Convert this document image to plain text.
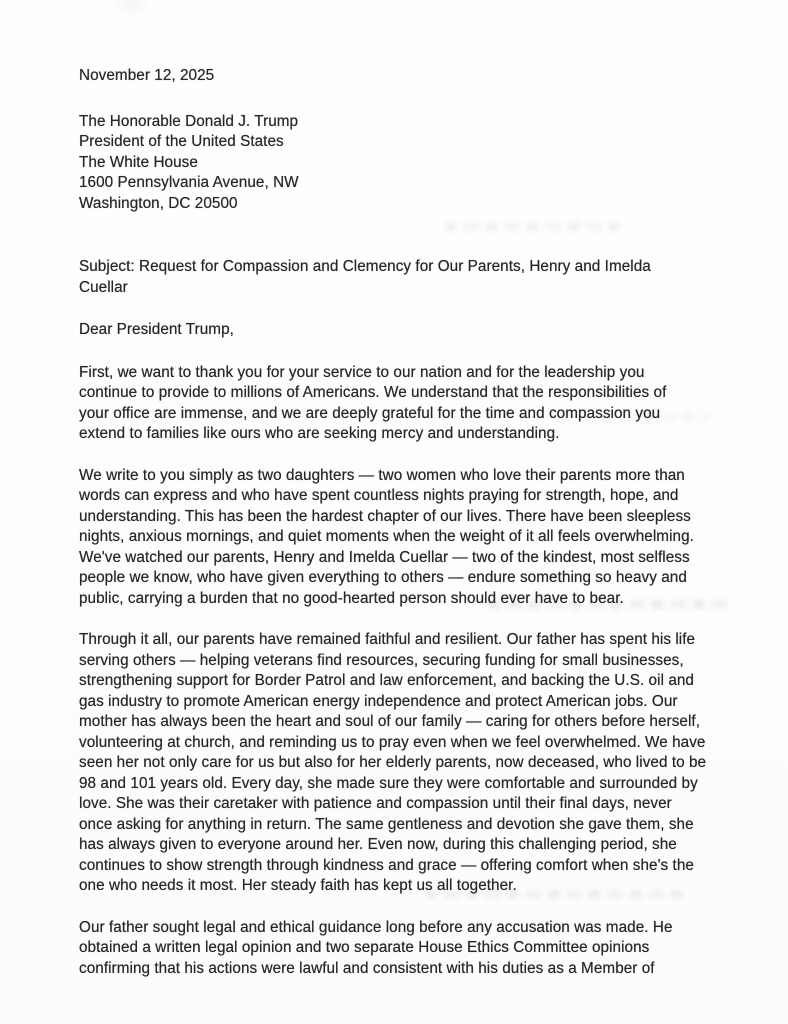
November 12, 2025
The Honorable Donald J. Trump
President of the United States
The White House
1600 Pennsylvania Avenue, NW
Washington, DC 20500
Subject: Request for Compassion and Clemency for Our Parents, Henry and Imelda
Cuellar
Dear President Trump,
First, we want to thank you for your service to our nation and for the leadership you
continue to provide to millions of Americans. We understand that the responsibilities of
your office are immense, and we are deeply grateful for the time and compassion you
extend to families like ours who are seeking mercy and understanding.
We write to you simply as two daughters — two women who love their parents more than
words can express and who have spent countless nights praying for strength, hope, and
understanding. This has been the hardest chapter of our lives. There have been sleepless
nights, anxious mornings, and quiet moments when the weight of it all feels overwhelming.
We've watched our parents, Henry and Imelda Cuellar — two of the kindest, most selfless
people we know, who have given everything to others — endure something so heavy and
public, carrying a burden that no good-hearted person should ever have to bear.
Through it all, our parents have remained faithful and resilient. Our father has spent his life
serving others — helping veterans find resources, securing funding for small businesses,
strengthening support for Border Patrol and law enforcement, and backing the U.S. oil and
gas industry to promote American energy independence and protect American jobs. Our
mother has always been the heart and soul of our family — caring for others before herself,
volunteering at church, and reminding us to pray even when we feel overwhelmed. We have
seen her not only care for us but also for her elderly parents, now deceased, who lived to be
98 and 101 years old. Every day, she made sure they were comfortable and surrounded by
love. She was their caretaker with patience and compassion until their final days, never
once asking for anything in return. The same gentleness and devotion she gave them, she
has always given to everyone around her. Even now, during this challenging period, she
continues to show strength through kindness and grace — offering comfort when she's the
one who needs it most. Her steady faith has kept us all together.
Our father sought legal and ethical guidance long before any accusation was made. He
obtained a written legal opinion and two separate House Ethics Committee opinions
confirming that his actions were lawful and consistent with his duties as a Member of
